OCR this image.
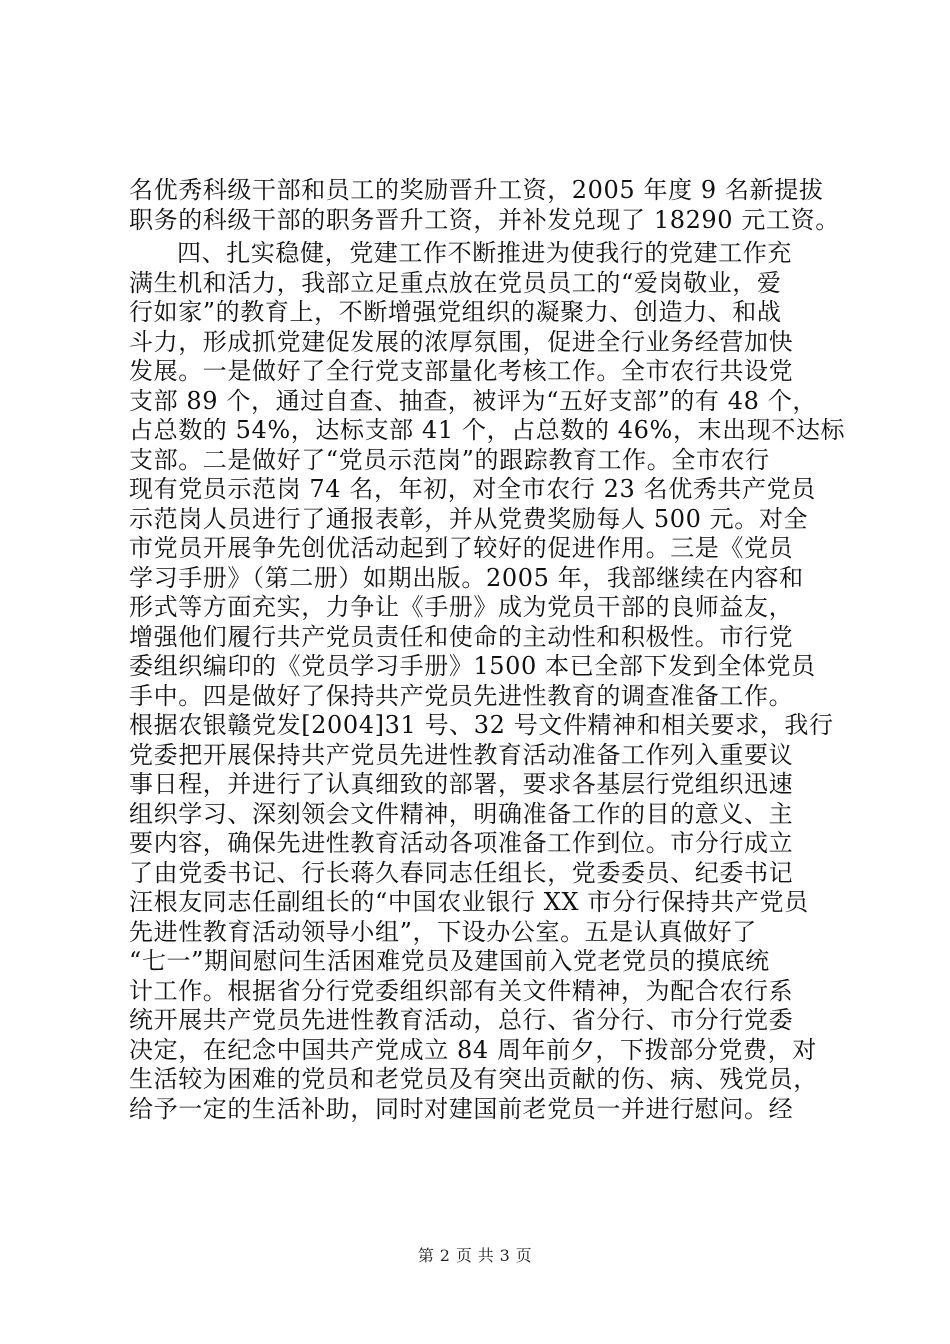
名优秀科级干部和员工的奖励晋升工资，2005 年度 9 名新提拔
职务的科级干部的职务晋升工资，并补发兑现了 18290 元工资。
四、扎实稳健，党建工作不断推进为使我行的党建工作充
满生机和活力，我部立足重点放在党员员工的“爱岗敬业，爱
行如家”的教育上，不断增强党组织的凝聚力、创造力、和战
斗力，形成抓党建促发展的浓厚氛围，促进全行业务经营加快
发展。一是做好了全行党支部量化考核工作。全市农行共设党
支部 89 个，通过自查、抽查，被评为“五好支部”的有 48 个，
占总数的 54%，达标支部 41 个，占总数的 46%，末出现不达标
支部。二是做好了“党员示范岗”的跟踪教育工作。全市农行
现有党员示范岗 74 名，年初，对全市农行 23 名优秀共产党员
示范岗人员进行了通报表彰，并从党费奖励每人 500 元。对全
市党员开展争先创优活动起到了较好的促进作用。三是《党员
学习手册》（第二册）如期出版。2005 年，我部继续在内容和
形式等方面充实，力争让《手册》成为党员干部的良师益友，
增强他们履行共产党员责任和使命的主动性和积极性。市行党
委组织编印的《党员学习手册》1500 本已全部下发到全体党员
手中。四是做好了保持共产党员先进性教育的调查准备工作。
根据农银赣党发[2004]31 号、32 号文件精神和相关要求，我行
党委把开展保持共产党员先进性教育活动准备工作列入重要议
事日程，并进行了认真细致的部署，要求各基层行党组织迅速
组织学习、深刻领会文件精神，明确准备工作的目的意义、主
要内容，确保先进性教育活动各项准备工作到位。市分行成立
了由党委书记、行长蒋久春同志任组长，党委委员、纪委书记
汪根友同志任副组长的“中国农业银行 XX 市分行保持共产党员
先进性教育活动领导小组”，下设办公室。五是认真做好了
“七一”期间慰问生活困难党员及建国前入党老党员的摸底统
计工作。根据省分行党委组织部有关文件精神，为配合农行系
统开展共产党员先进性教育活动，总行、省分行、市分行党委
决定，在纪念中国共产党成立 84 周年前夕，下拨部分党费，对
生活较为困难的党员和老党员及有突出贡献的伤、病、残党员，
给予一定的生活补助，同时对建国前老党员一并进行慰问。经
第 2 页 共 3 页
